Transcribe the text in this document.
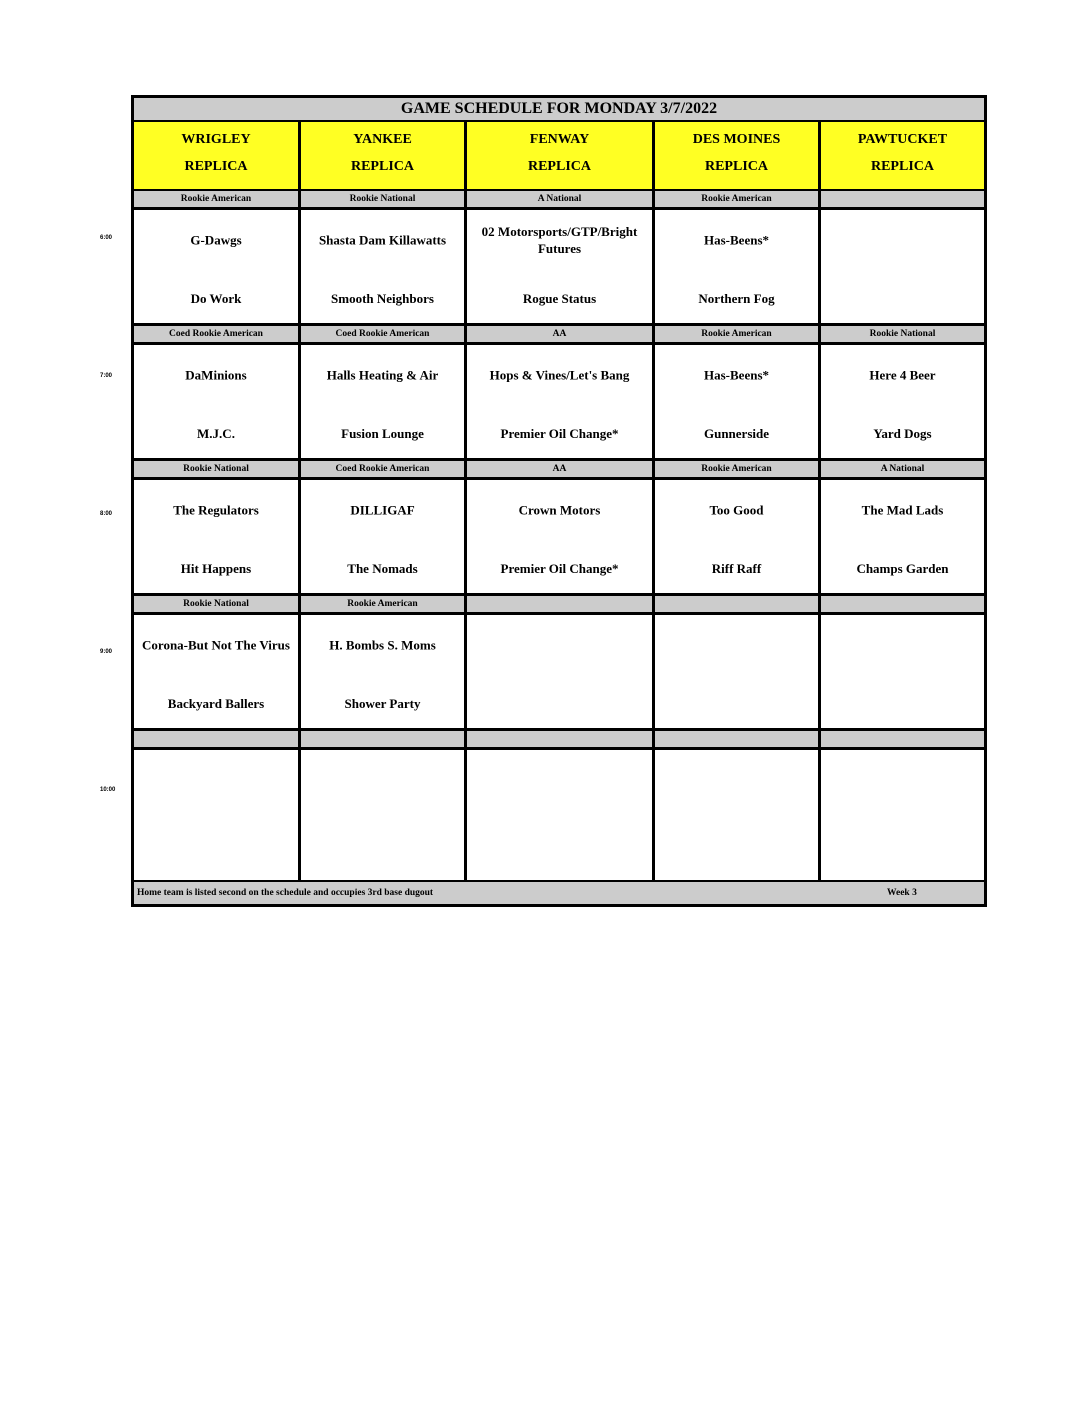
6:00
7:00
8:00
9:00
10:00
GAME SCHEDULE FOR MONDAY 3/7/2022
WRIGLEY
REPLICA
Rookie American
G-Dawgs
Do Work
Coed Rookie American
DaMinions
M.J.C.
Rookie National
The Regulators
Hit Happens
Rookie National
Corona-But Not The Virus
Backyard Ballers
YANKEE
REPLICA
Rookie National
Shasta Dam Killawatts
Smooth Neighbors
Coed Rookie American
Halls Heating & Air
Fusion Lounge
Coed Rookie American
DILLIGAF
The Nomads
Rookie American
H. Bombs S. Moms
Shower Party
FENWAY
REPLICA
A National
02 Motorsports/GTP/Bright Futures
Rogue Status
AA
Hops & Vines/Let's Bang
Premier Oil Change*
AA
Crown Motors
Premier Oil Change*
DES MOINES
REPLICA
Rookie American
Has-Beens*
Northern Fog
Rookie American
Has-Beens*
Gunnerside
Rookie American
Too Good
Riff Raff
PAWTUCKET
REPLICA
Rookie National
Here 4 Beer
Yard Dogs
A National
The Mad Lads
Champs Garden
Home team is listed second on the schedule and occupies 3rd base dugout	Week 3
